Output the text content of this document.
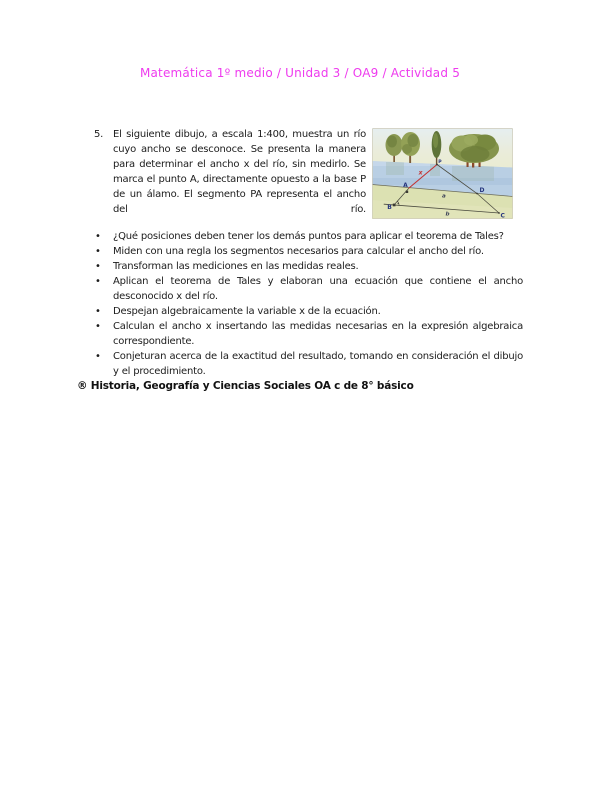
Matemática 1º medio / Unidad 3 / OA9 / Actividad 5
5. El siguiente dibujo, a escala 1:400, muestra un río cuyo ancho se desconoce. Se presenta la manera para determinar el ancho x del río, sin medirlo. Se marca el punto A, directamente opuesto a la base P de un álamo. El segmento PA representa el ancho del río.
A
D
B
C
P
x
a
b
•	¿Qué posiciones deben tener los demás puntos para aplicar el teorema de Tales?
•	Miden con una regla los segmentos necesarios para calcular el ancho del río.
•	Transforman las mediciones en las medidas reales.
•	Aplican el teorema de Tales y elaboran una ecuación que contiene el ancho desconocido x del río.
•	Despejan algebraicamente la variable x de la ecuación.
•	Calculan el ancho x insertando las medidas necesarias en la expresión algebraica correspondiente.
•	Conjeturan acerca de la exactitud del resultado, tomando en consideración el dibujo y el procedimiento.
® Historia, Geografía y Ciencias Sociales OA c de 8° básico
